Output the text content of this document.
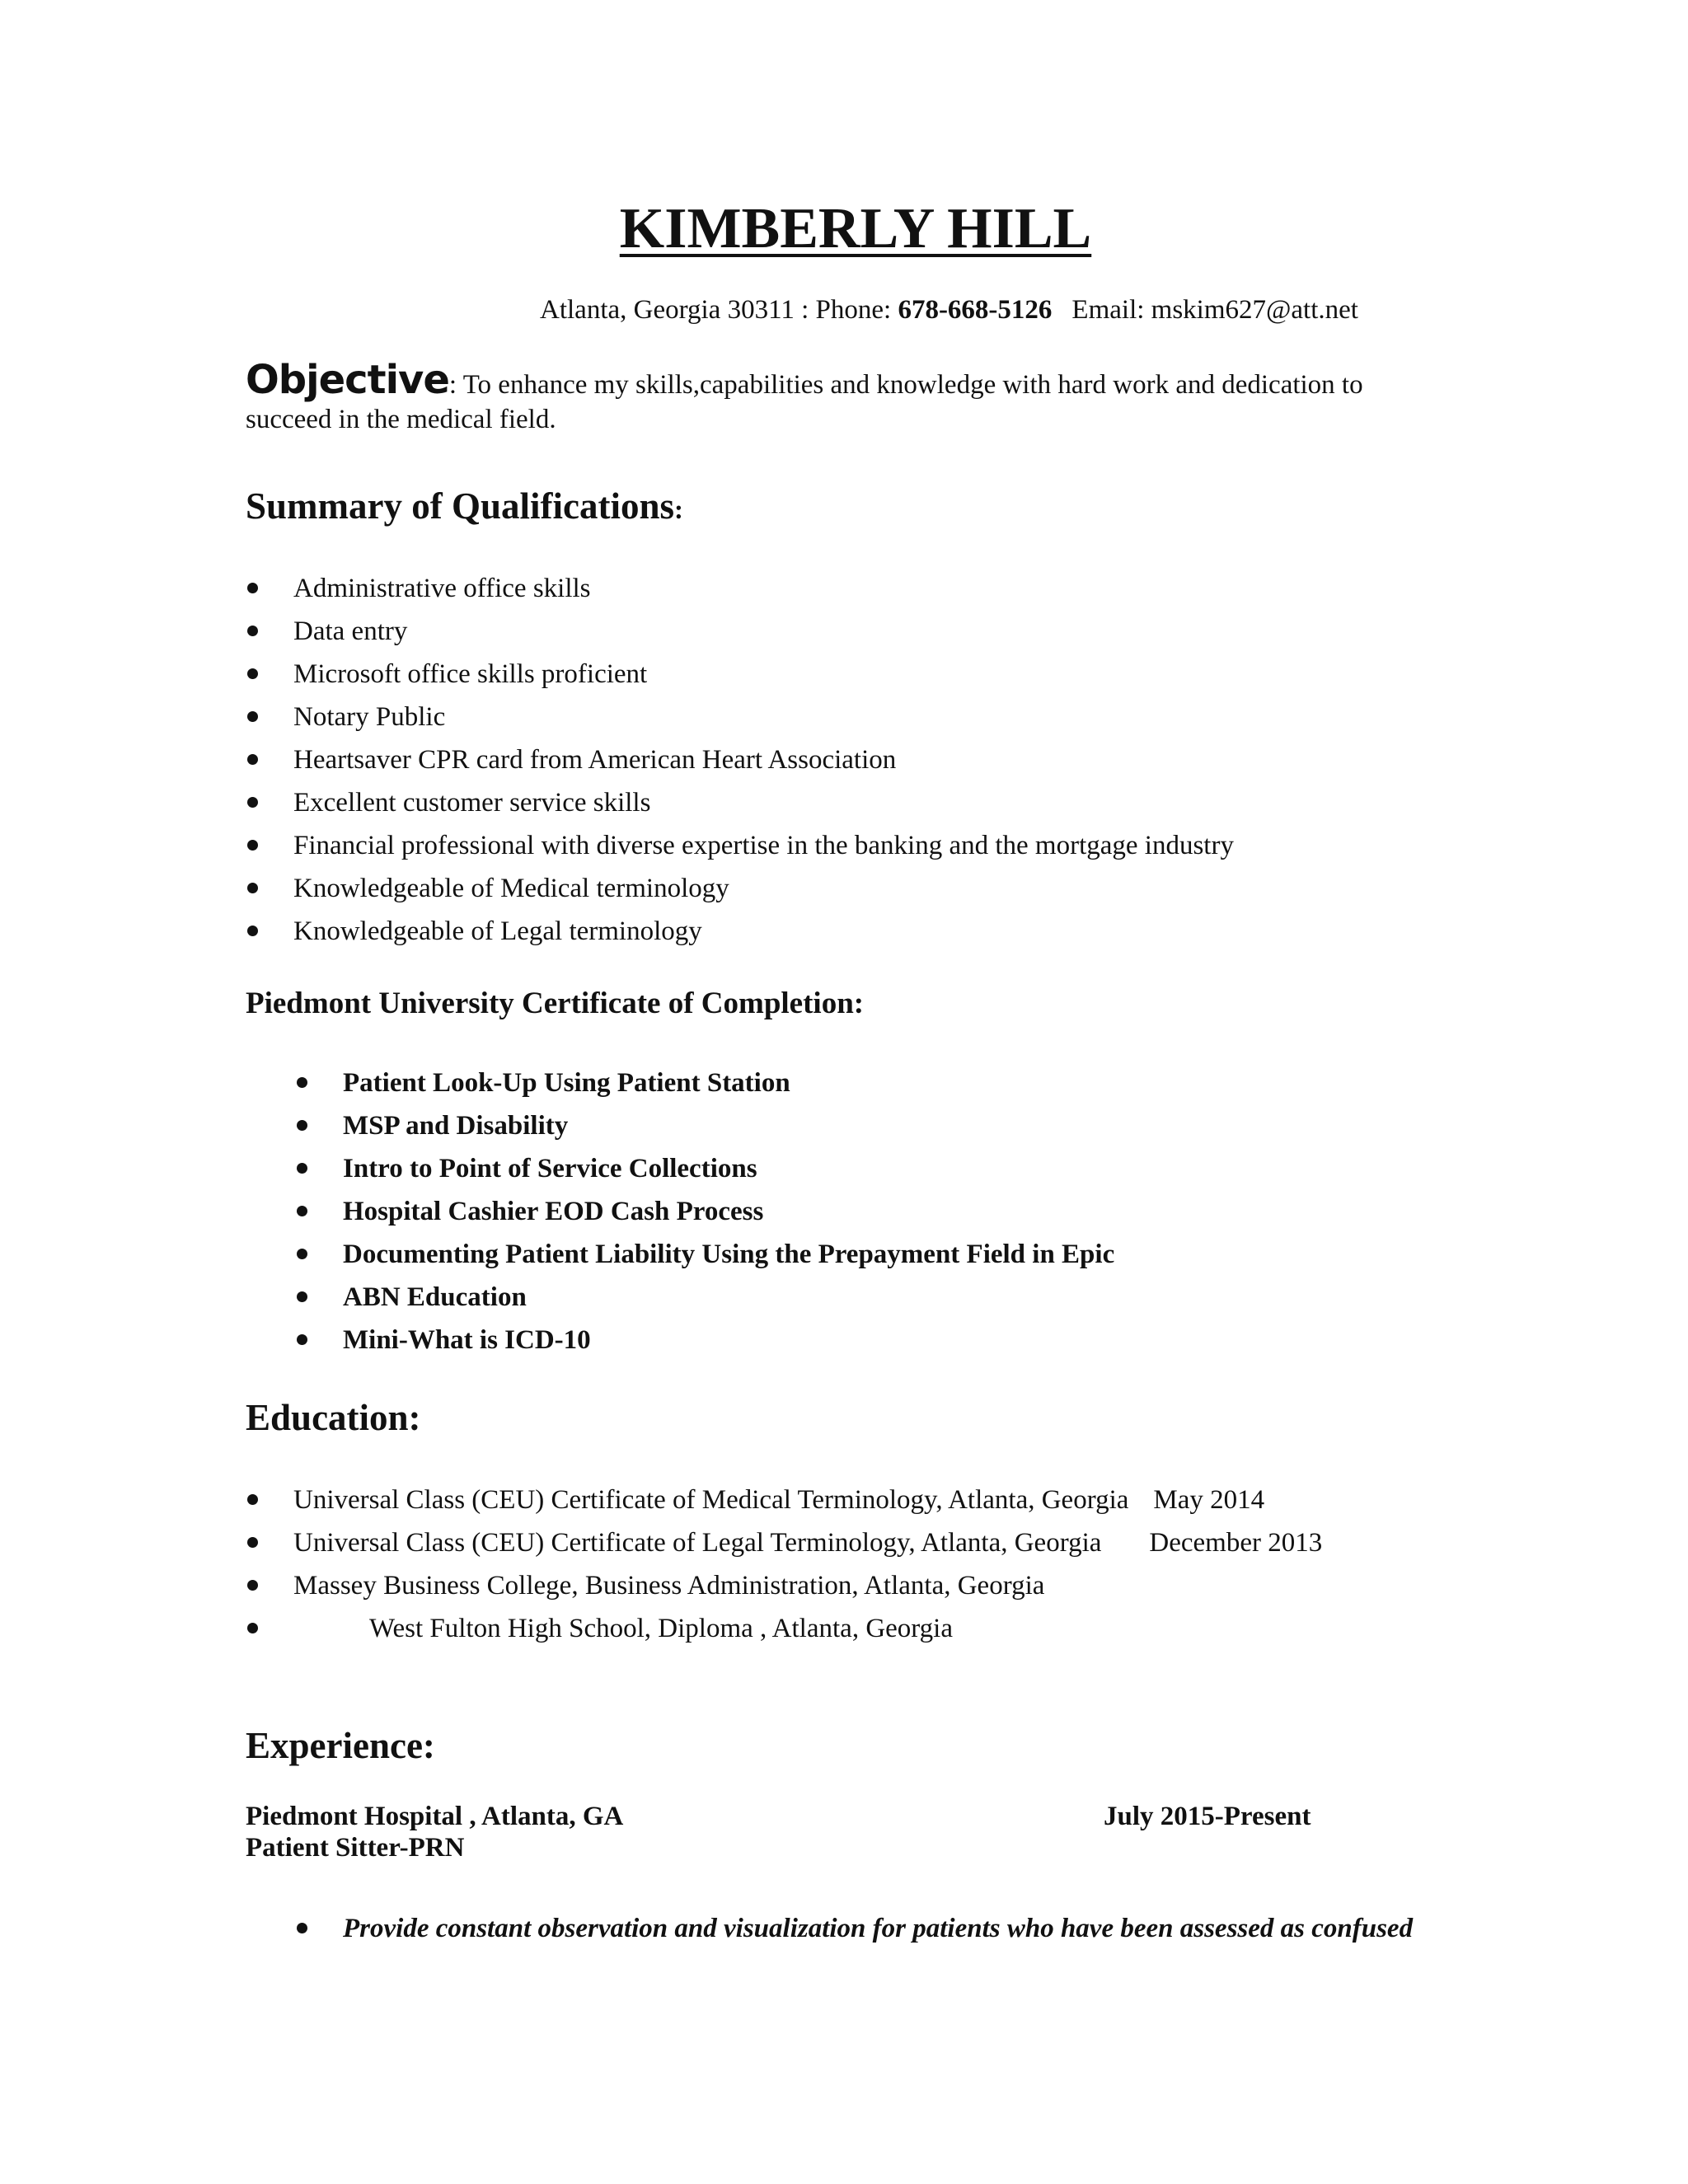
KIMBERLY HILL
Atlanta, Georgia 30311 : Phone: 678-668-5126 Email: mskim627@att.net
Objective: To enhance my skills,capabilities and knowledge with hard work and dedication to
succeed in the medical field.
Summary of Qualifications:
Administrative office skills
Data entry
Microsoft office skills proficient
Notary Public
Heartsaver CPR card from American Heart Association
Excellent customer service skills
Financial professional with diverse expertise in the banking and the mortgage industry
Knowledgeable of Medical terminology
Knowledgeable of Legal terminology
Piedmont University Certificate of Completion:
Patient Look-Up Using Patient Station
MSP and Disability
Intro to Point of Service Collections
Hospital Cashier EOD Cash Process
Documenting Patient Liability Using the Prepayment Field in Epic
ABN Education
Mini-What is ICD-10
Education:
Universal Class (CEU) Certificate of Medical Terminology, Atlanta, Georgia May 2014
Universal Class (CEU) Certificate of Legal Terminology, Atlanta, Georgia December 2013
Massey Business College, Business Administration, Atlanta, Georgia
West Fulton High School, Diploma , Atlanta, Georgia
Experience:
Piedmont Hospital , Atlanta, GA	July 2015-Present
Patient Sitter-PRN
Provide constant observation and visualization for patients who have been assessed as confused
